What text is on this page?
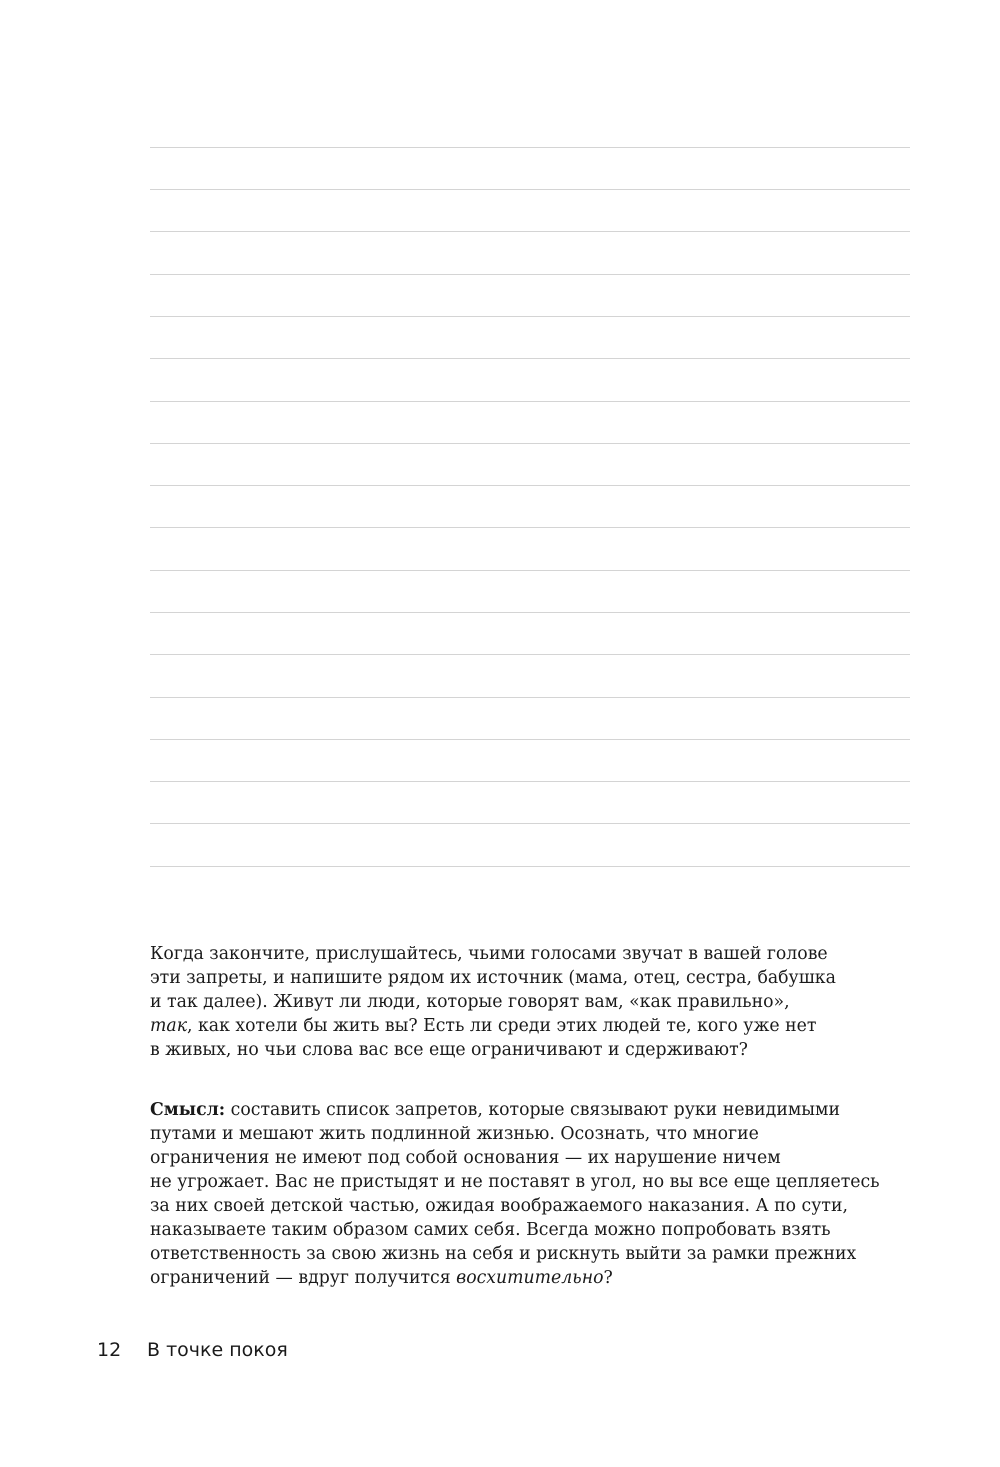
Когда закончите, прислушайтесь, чьими голосами звучат в вашей голове
эти запреты, и напишите рядом их источник (мама, отец, сестра, бабушка
и так далее). Живут ли люди, которые говорят вам, «как правильно»,
так, как хотели бы жить вы? Есть ли среди этих людей те, кого уже нет
в живых, но чьи слова вас все еще ограничивают и сдерживают?

Смысл: составить список запретов, которые связывают руки невидимыми
путами и мешают жить подлинной жизнью. Осознать, что многие
ограничения не имеют под собой основания — их нарушение ничем
не угрожает. Вас не пристыдят и не поставят в угол, но вы все еще цепляетесь
за них своей детской частью, ожидая воображаемого наказания. А по сути,
наказываете таким образом самих себя. Всегда можно попробовать взять
ответственность за свою жизнь на себя и рискнуть выйти за рамки прежних
ограничений — вдруг получится восхитительно?

12 В точке покоя
